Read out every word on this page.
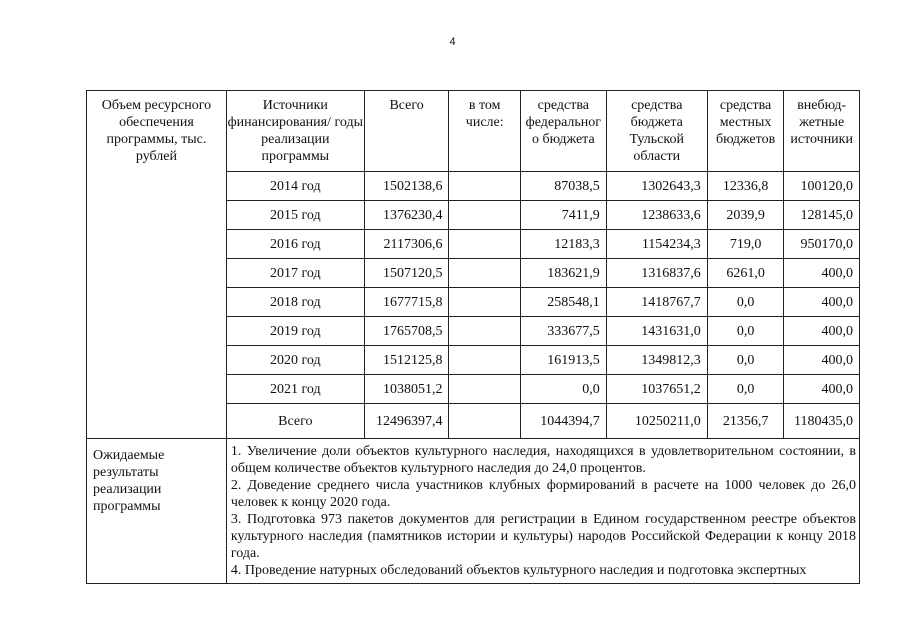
4
Объем ресурсного обеспечения программы, тыс. рублей	Источники финансирования/ годы реализации программы	Всего	в том числе:	средства федеральног о бюджета	средства бюджета Тульской области	средства местных бюджетов	внебюд-жетные источники
	2014 год	1502138,6		87038,5	1302643,3	12336,8	100120,0
	2015 год	1376230,4		7411,9	1238633,6	2039,9	128145,0
	2016 год	2117306,6		12183,3	1154234,3	719,0	950170,0
	2017 год	1507120,5		183621,9	1316837,6	6261,0	400,0
	2018 год	1677715,8		258548,1	1418767,7	0,0	400,0
	2019 год	1765708,5		333677,5	1431631,0	0,0	400,0
	2020 год	1512125,8		161913,5	1349812,3	0,0	400,0
	2021 год	1038051,2		0,0	1037651,2	0,0	400,0
	Всего	12496397,4		1044394,7	10250211,0	21356,7	1180435,0
Ожидаемые результаты реализации программы	1. Увеличение доли объектов культурного наследия, находящихся в удовлетворительном состоянии, в общем количестве объектов культурного наследия до 24,0 процентов.

2. Доведение среднего числа участников клубных формирований в расчете на 1000 человек до 26,0 человек к концу 2020 года.

3. Подготовка 973 пакетов документов для регистрации в Едином государственном реестре объектов культурного наследия (памятников истории и культуры) народов Российской Федерации к концу 2018 года.

4. Проведение натурных обследований объектов культурного наследия и подготовка экспертных						
